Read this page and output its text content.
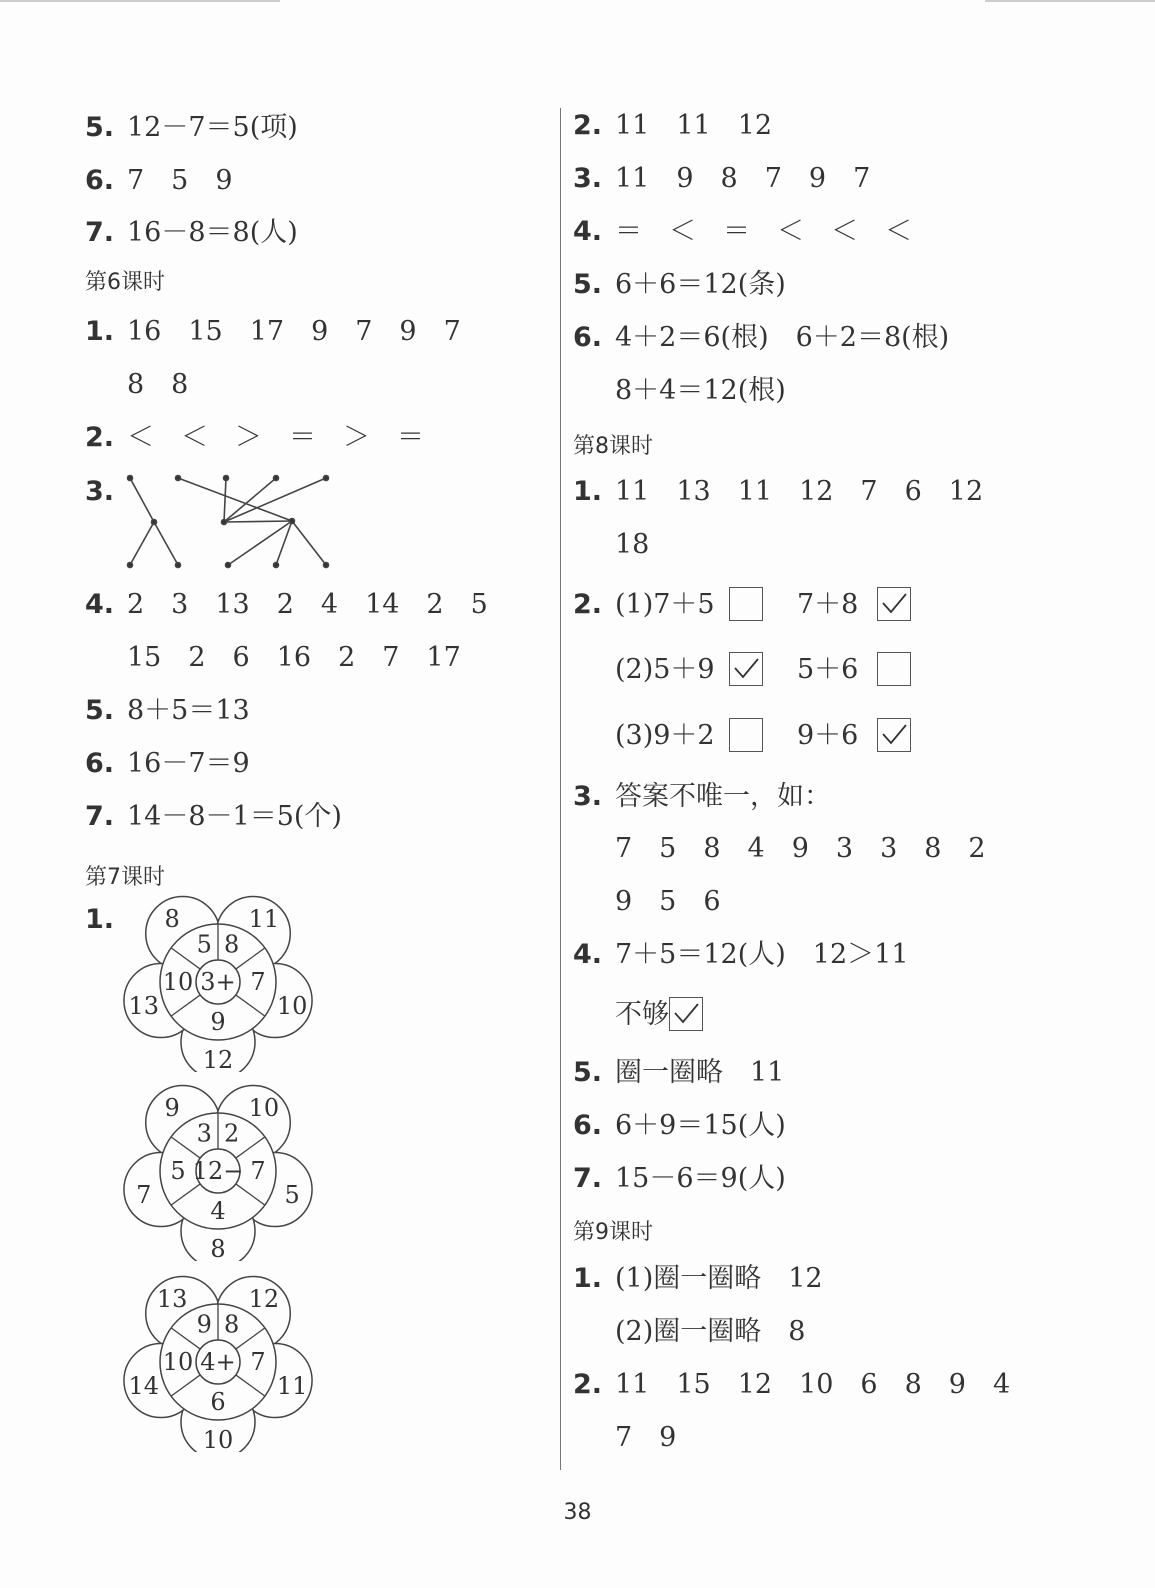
5. 12－7＝5(项)
6. 7　5　9
7. 16－8＝8(人)
第6课时
1. 16　15　17　9　7　9　7
8　8
2. ＜　＜　＞　＝　＞　＝
3.
4. 2　3　13　2　4　14　2　5
15　2　6　16　2　7　17
5. 8＋5＝13
6. 16－7＝9
7. 14－8－1＝5(个)
第7课时
1.
3+
5 8
7
9
10
8	11
10
12
13
12−
3 2
7
4
5
9	10
5
8
7
4+
9 8
7
6
10
13	12
11
10
14
2. 11　11　12
3. 11　9　8　7　9　7
4. ＝　＜　＝　＜　＜　＜
5. 6＋6＝12(条)
6. 4＋2＝6(根)　6＋2＝8(根)
8＋4＝12(根)
第8课时
1. 11　13　11　12　7　6　12
18
2. (1)7＋5	7＋8
(2)5＋9	5＋6
(3)9＋2	9＋6
3. 答案不唯一，如：
7　5　8　4　9　3　3　8　2
9　5　6
4. 7＋5＝12(人)　12＞11
不够
5. 圈一圈略　11
6. 6＋9＝15(人)
7. 15－6＝9(人)
第9课时
1. (1)圈一圈略　12
(2)圈一圈略　8
2. 11　15　12　10　6　8　9　4
7　9
38
